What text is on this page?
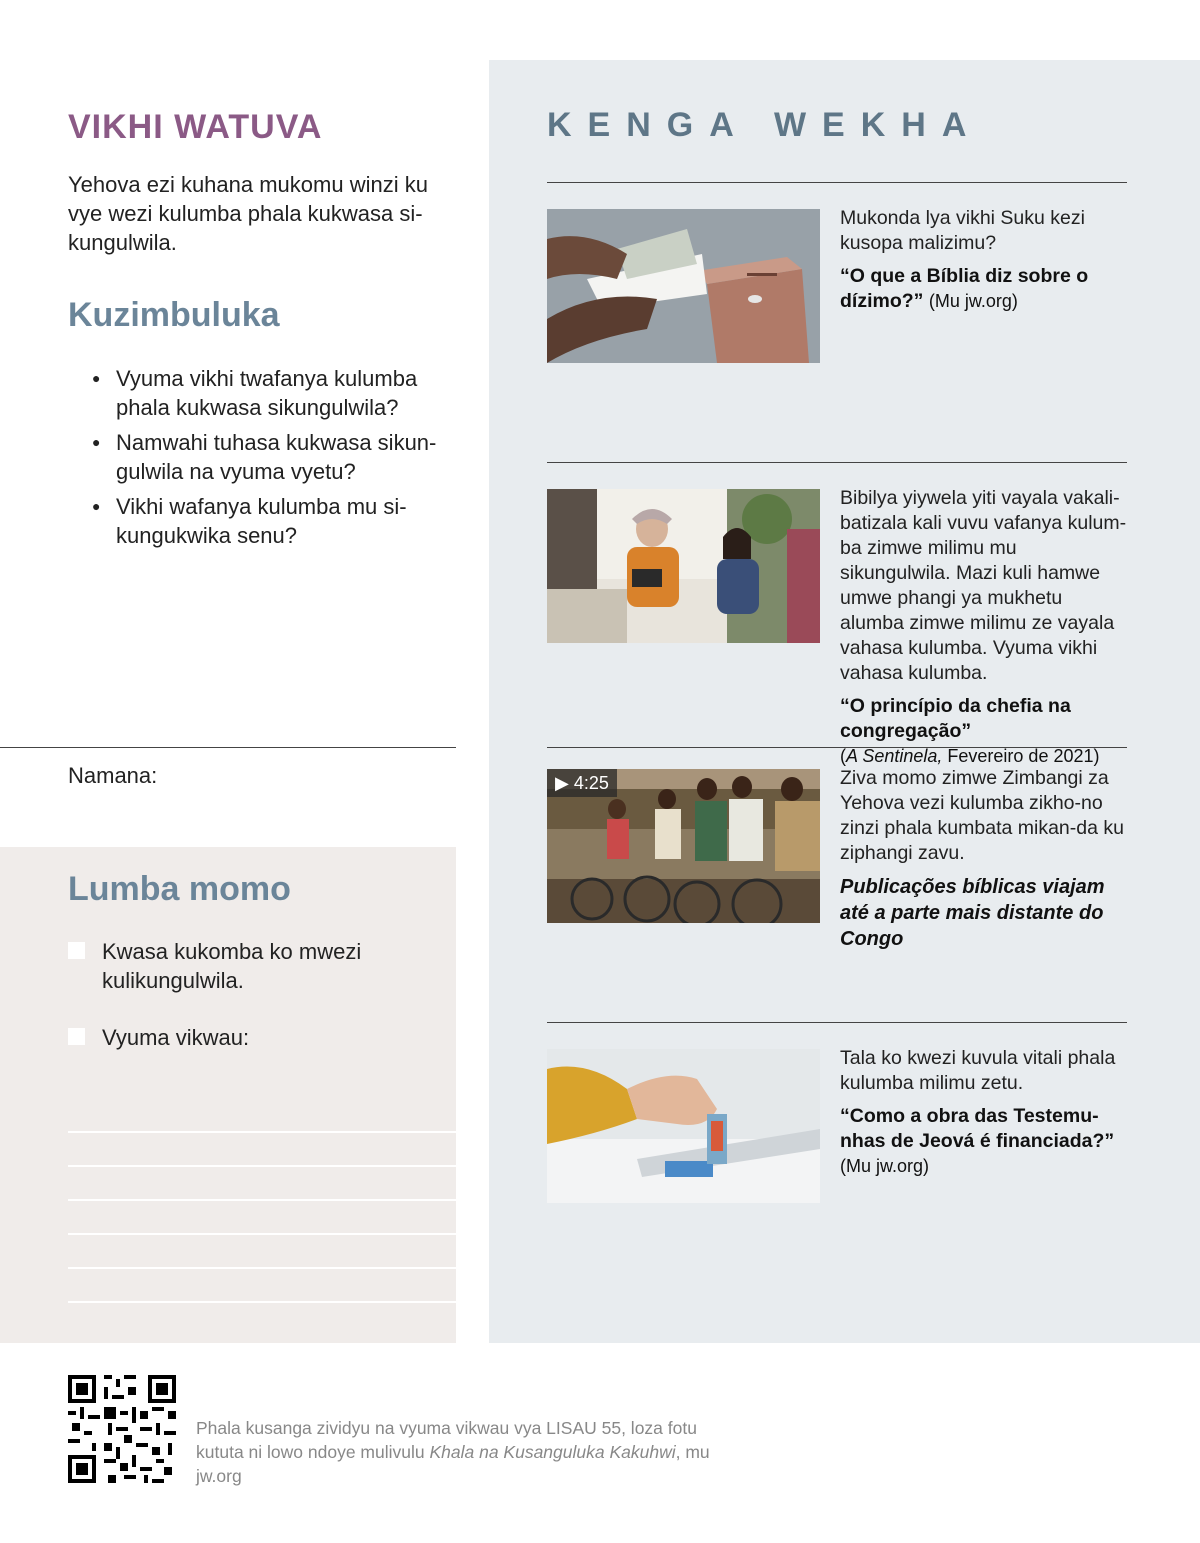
VIKHI WATUVA

Yehova ezi kuhana mukomu winzi ku vye wezi kulumba phala kukwasa si-kungulwila.

Kuzimbuluka
● Vyuma vikhi twafanya kulumba phala kukwasa sikungulwila?
● Namwahi tuhasa kukwasa sikun-gulwila na vyuma vyetu?
● Vikhi wafanya kulumba mu si-kungukwika senu?
Namana:
Lumba momo
Kwasa kukomba ko mwezi kulikungulwila.
Vyuma vikwau:
KENGA WEKHA

Mukonda lya vikhi Suku kezi kusopa malizimu?

“O que a Bíblia diz sobre o dízimo?” (Mu jw.org)

Bibilya yiywela yiti vayala vakali-batizala kali vuvu vafanya kulum-ba zimwe milimu mu sikungulwila. Mazi kuli hamwe umwe phangi ya mukhetu alumba zimwe milimu ze vayala vahasa kulumba. Vyuma vikhi vahasa kulumba.

“O princípio da chefia na congregação”
(A Sentinela, Fevereiro de 2021)

▶ 4:25	Ziva momo zimwe Zimbangi za Yehova vezi kulumba zikho-no zinzi phala kumbata mikan-da ku ziphangi zavu.

Publicações bíblicas viajam até a parte mais distante do Congo

Tala ko kwezi kuvula vitali phala kulumba milimu zetu.

“Como a obra das Testemu-nhas de Jeová é financiada?”
(Mu jw.org)

Phala kusanga zividyu na vyuma vikwau vya LISAU 55, loza fotu kututa ni lowo ndoye mulivulu Khala na Kusanguluka Kakuhwi, mu jw.org
